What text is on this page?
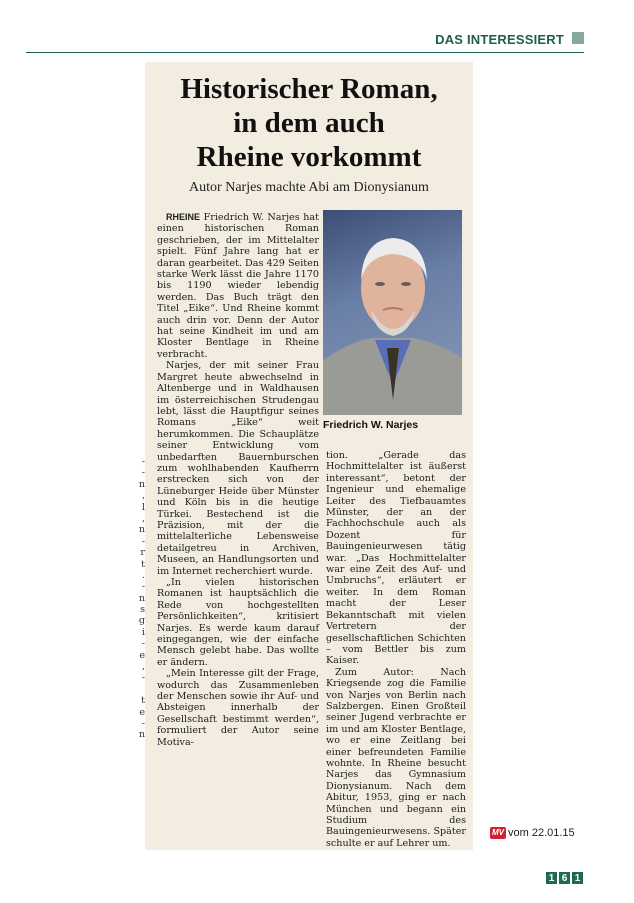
DAS INTERESSIERT
-
-
n
,
l
,
n
-
r
t
.
-
n
s
g
i
-
e
,
-
t
e
-
n
Historischer Roman,
in dem auch
Rheine vorkommt
Autor Narjes machte Abi am Dionysianum

RHEINE Friedrich W. Narjes hat einen historischen Roman geschrieben, der im Mittelalter spielt. Fünf Jahre lang hat er daran gearbeitet. Das 429 Seiten starke Werk lässt die Jahre 1170 bis 1190 wieder lebendig werden. Das Buch trägt den Titel „Eike“. Und Rheine kommt auch drin vor. Denn der Autor hat seine Kindheit im und am Kloster Bentlage in Rheine verbracht.

Narjes, der mit seiner Frau Margret heute abwechselnd in Altenberge und in Waldhausen im österreichischen Strudengau lebt, lässt die Hauptfigur seines Romans „Eike“ weit herumkommen. Die Schauplätze seiner Entwicklung vom unbedarften Bauernburschen zum wohlhabenden Kaufherrn erstrecken sich von der Lüneburger Heide über Münster und Köln bis in die heutige Türkei. Bestechend ist die Präzision, mit der die mittelalterliche Lebensweise detailgetreu in Archiven, Museen, an Handlungsorten und im Internet recherchiert wurde.

„In vielen historischen Romanen ist hauptsächlich die Rede von hochgestellten Persönlichkeiten“, kritisiert Narjes. Es werde kaum darauf eingegangen, wie der einfache Mensch gelebt habe. Das wollte er ändern.

„Mein Interesse gilt der Frage, wodurch das Zusammenleben der Menschen sowie ihr Auf- und Absteigen innerhalb der Gesellschaft bestimmt werden“, formuliert der Autor seine Motiva-

Friedrich W. Narjes

tion. „Gerade das Hochmittelalter ist äußerst interessant“, betont der Ingenieur und ehemalige Leiter des Tiefbauamtes Münster, der an der Fachhochschule auch als Dozent für Bauingenieurwesen tätig war. „Das Hochmittelalter war eine Zeit des Auf- und Umbruchs“, erläutert er weiter. In dem Roman macht der Leser Bekanntschaft mit vielen Vertretern der gesellschaftlichen Schichten – vom Bettler bis zum Kaiser.

Zum Autor: Nach Kriegsende zog die Familie von Narjes von Berlin nach Salzbergen. Einen Großteil seiner Jugend verbrachte er im und am Kloster Bentlage, wo er eine Zeitlang bei einer befreundeten Familie wohnte. In Rheine besucht Narjes das Gymnasium Dionysianum. Nach dem Abitur, 1953, ging er nach München und begann ein Studium des Bauingenieurwesens. Später schulte er auf Lehrer um.

MV vom 22.01.15
1 6 1
